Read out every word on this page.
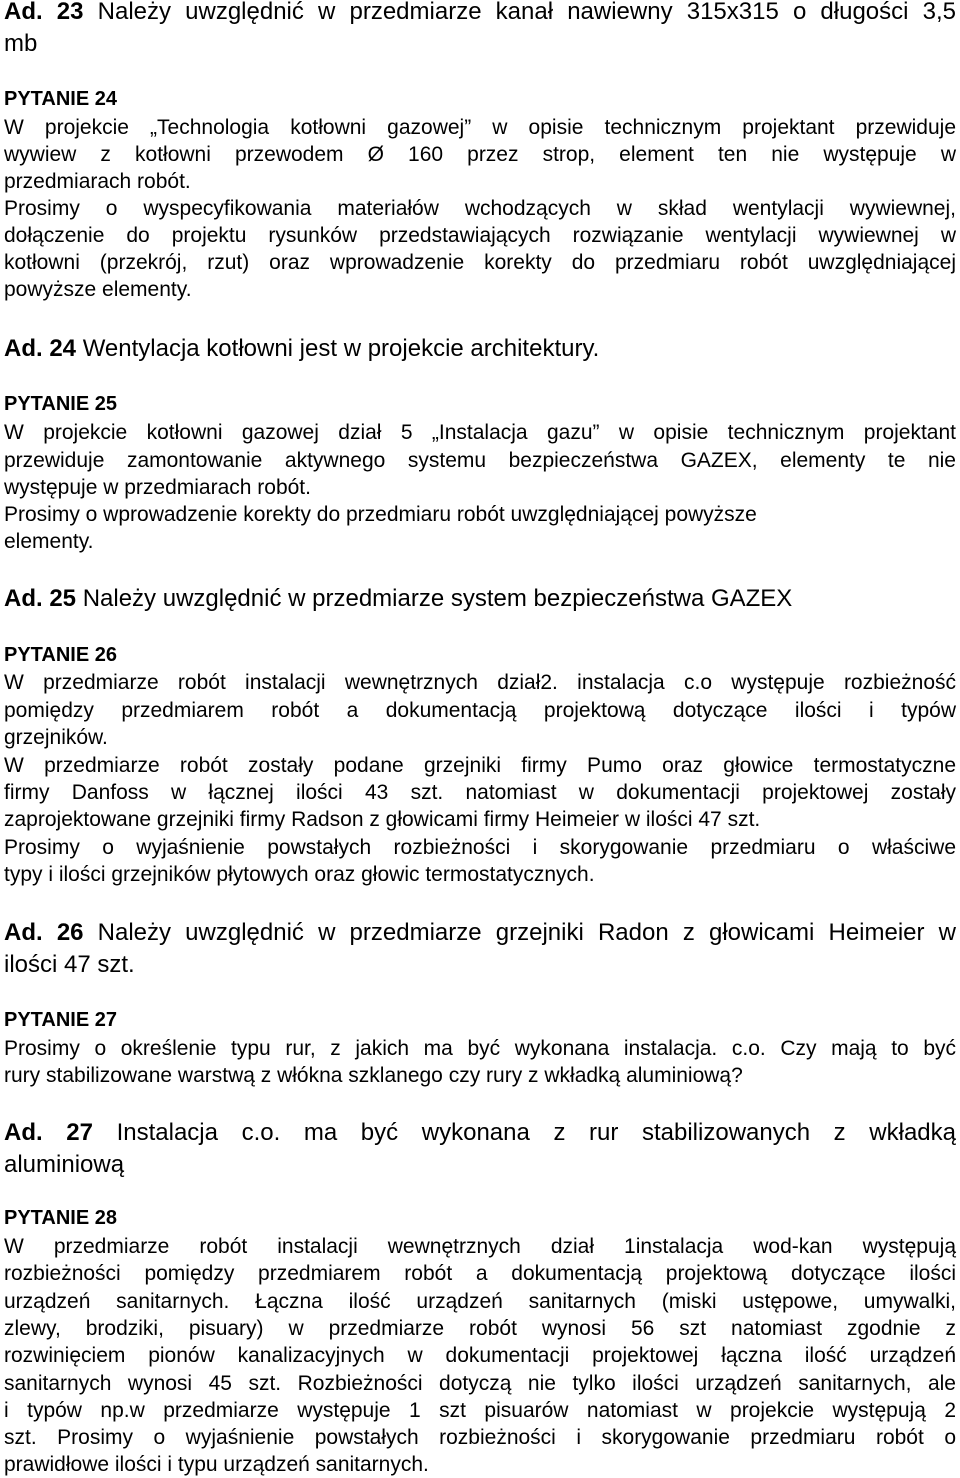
Ad. 23 Należy uwzględnić w przedmiarze kanał nawiewny 315x315 o długości 3,5
mb
PYTANIE 24
W projekcie „Technologia kotłowni gazowej” w opisie technicznym projektant przewiduje
wywiew z kotłowni przewodem Ø 160 przez strop, element ten nie występuje w
przedmiarach robót.
Prosimy o wyspecyfikowania materiałów wchodzących w skład wentylacji wywiewnej,
dołączenie do projektu rysunków przedstawiających rozwiązanie wentylacji wywiewnej w
kotłowni (przekrój, rzut) oraz wprowadzenie korekty do przedmiaru robót uwzględniającej
powyższe elementy.
Ad. 24 Wentylacja kotłowni jest w projekcie architektury.
PYTANIE 25
W projekcie kotłowni gazowej dział 5 „Instalacja gazu” w opisie technicznym projektant
przewiduje zamontowanie aktywnego systemu bezpieczeństwa GAZEX, elementy te nie
występuje w przedmiarach robót.
Prosimy o wprowadzenie korekty do przedmiaru robót uwzględniającej powyższe
elementy.
Ad. 25 Należy uwzględnić w przedmiarze system bezpieczeństwa GAZEX
PYTANIE 26
W przedmiarze robót instalacji wewnętrznych dział2. instalacja c.o występuje rozbieżność
pomiędzy przedmiarem robót a dokumentacją projektową dotyczące ilości i typów
grzejników.
W przedmiarze robót zostały podane grzejniki firmy Pumo oraz głowice termostatyczne
firmy Danfoss w łącznej ilości 43 szt. natomiast w dokumentacji projektowej zostały
zaprojektowane grzejniki firmy Radson z głowicami firmy Heimeier w ilości 47 szt.
Prosimy o wyjaśnienie powstałych rozbieżności i skorygowanie przedmiaru o właściwe
typy i ilości grzejników płytowych oraz głowic termostatycznych.
Ad. 26 Należy uwzględnić w przedmiarze grzejniki Radon z głowicami Heimeier w
ilości 47 szt.
PYTANIE 27
Prosimy o określenie typu rur, z jakich ma być wykonana instalacja. c.o. Czy mają to być
rury stabilizowane warstwą z włókna szklanego czy rury z wkładką aluminiową?
Ad. 27 Instalacja c.o. ma być wykonana z rur stabilizowanych z wkładką
aluminiową
PYTANIE 28
W przedmiarze robót instalacji wewnętrznych dział 1instalacja wod-kan występują
rozbieżności pomiędzy przedmiarem robót a dokumentacją projektową dotyczące ilości
urządzeń sanitarnych. Łączna ilość urządzeń sanitarnych (miski ustępowe, umywalki,
zlewy, brodziki, pisuary) w przedmiarze robót wynosi 56 szt natomiast zgodnie z
rozwinięciem pionów kanalizacyjnych w dokumentacji projektowej łączna ilość urządzeń
sanitarnych wynosi 45 szt. Rozbieżności dotyczą nie tylko ilości urządzeń sanitarnych, ale
i typów np.w przedmiarze występuje 1 szt pisuarów natomiast w projekcie występują 2
szt. Prosimy o wyjaśnienie powstałych rozbieżności i skorygowanie przedmiaru robót o
prawidłowe ilości i typu urządzeń sanitarnych.
